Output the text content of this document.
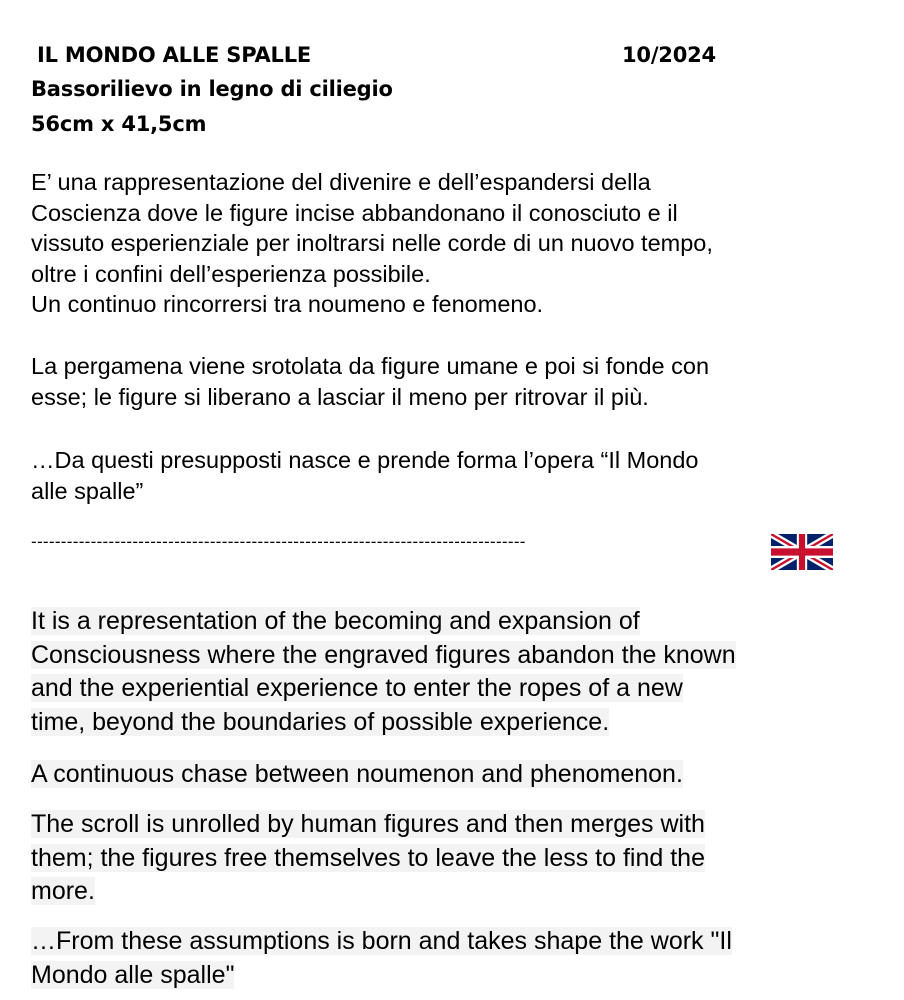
IL MONDO ALLE SPALLE	10/2024
Bassorilievo in legno di ciliegio
56cm x 41,5cm
E’ una rappresentazione del divenire e dell’espandersi della
Coscienza dove le figure incise abbandonano il conosciuto e il
vissuto esperienziale per inoltrarsi nelle corde di un nuovo tempo,
oltre i confini dell’esperienza possibile.
Un continuo rincorrersi tra noumeno e fenomeno.
La pergamena viene srotolata da figure umane e poi si fonde con
esse; le figure si liberano a lasciar il meno per ritrovar il più.
…Da questi presupposti nasce e prende forma l’opera “Il Mondo
alle spalle”
-----------------------------------------------------------------------------------
It is a representation of the becoming and expansion of
Consciousness where the engraved figures abandon the known
and the experiential experience to enter the ropes of a new
time, beyond the boundaries of possible experience.
A continuous chase between noumenon and phenomenon.
The scroll is unrolled by human figures and then merges with
them; the figures free themselves to leave the less to find the
more.
…From these assumptions is born and takes shape the work "Il
Mondo alle spalle"
